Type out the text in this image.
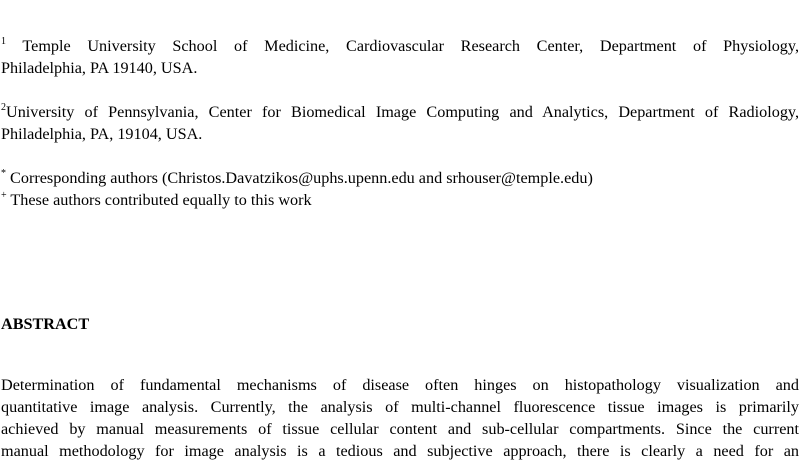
$^1$ Temple University School of Medicine, Cardiovascular Research Center, Department of Physiology,
Philadelphia, PA 19140, USA.
$^2$University of Pennsylvania, Center for Biomedical Image Computing and Analytics, Department of Radiology,
Philadelphia, PA, 19104, USA.
* Corresponding authors (Christos.Davatzikos@uphs.upenn.edu and srhouser@temple.edu)
+ These authors contributed equally to this work

ABSTRACT

Determination of fundamental mechanisms of disease often hinges on histopathology visualization and
quantitative image analysis. Currently, the analysis of multi-channel fluorescence tissue images is primarily
achieved by manual measurements of tissue cellular content and sub-cellular compartments. Since the current
manual methodology for image analysis is a tedious and subjective approach, there is clearly a need for an
